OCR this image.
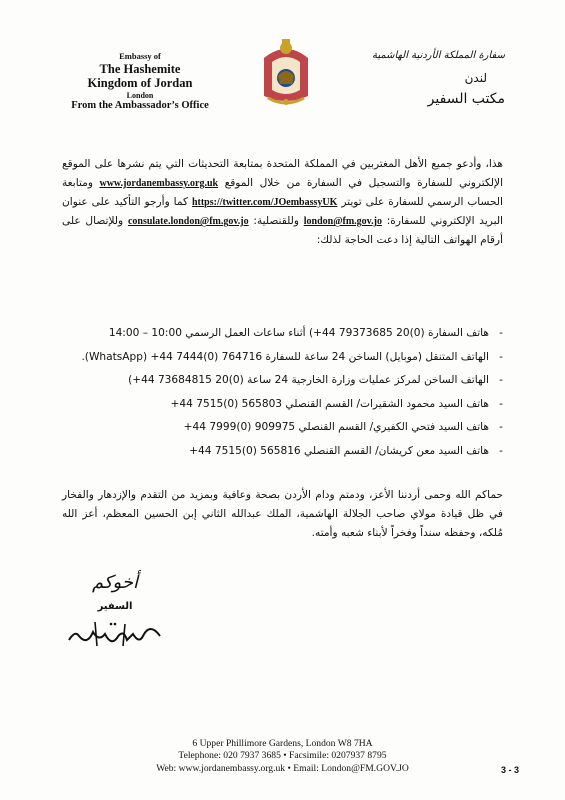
Embassy of
The Hashemite
Kingdom of Jordan
London
From the Ambassador’s Office
سفارة المملكة الأردنية الهاشمية
لندن
مكتب السفير
هذا، وأدعو جميع الأهل المغتربين في المملكة المتحدة بمتابعة التحديثات التي يتم نشرها على الموقع الإلكتروني للسفارة والتسجيل في السفارة من خلال الموقع www.jordanembassy.org.uk ومتابعة الحساب الرسمي للسفارة على تويتر https://twitter.com/JOembassyUK كما وأرجو التأكيد على عنوان البريد الإلكتروني للسفارة: london@fm.gov.jo وللقنصلية: consulate.london@fm.gov.jo وللإتصال على أرقام الهواتف التالية إذا دعت الحاجة لذلك:
-هاتف السفارة (0)20 79373685 44+) أثناء ساعات العمل الرسمي 10:00 – 14:00
-الهاتف المتنقل (موبايل) الساخن 24 ساعة للسفارة 764716 (0)7444 44+ (WhatsApp).
-الهاتف الساخن لمركز عمليات وزارة الخارجية 24 ساعة (0)20 73684815 44+)
-هاتف السيد محمود الشقيرات/ القسم القنصلي 565803 (0)7515 44+
-هاتف السيد فتحي الكفيري/ القسم القنصلي 909975 (0)7999 44+
-هاتف السيد معن كريشان/ القسم القنصلي 565816 (0)7515 44+
حماكم الله وحمى أردننا الأعز، ودمتم ودام الأردن بصحة وعافية وبمزيد من التقدم والإزدهار والفخار في ظل قيادة مولاي صاحب الجلالة الهاشمية، الملك عبدالله الثاني إبن الحسين المعظم، أعز الله مُلكه، وحفظه سنداً وفخراً لأبناء شعبه وأمته.
أخوكم
السفير
6 Upper Phillimore Gardens, London W8 7HA
Telephone: 020 7937 3685 • Facsimile: 0207937 8795
Web: www.jordanembassy.org.uk • Email: London@FM.GOV.JO	3 - 3
